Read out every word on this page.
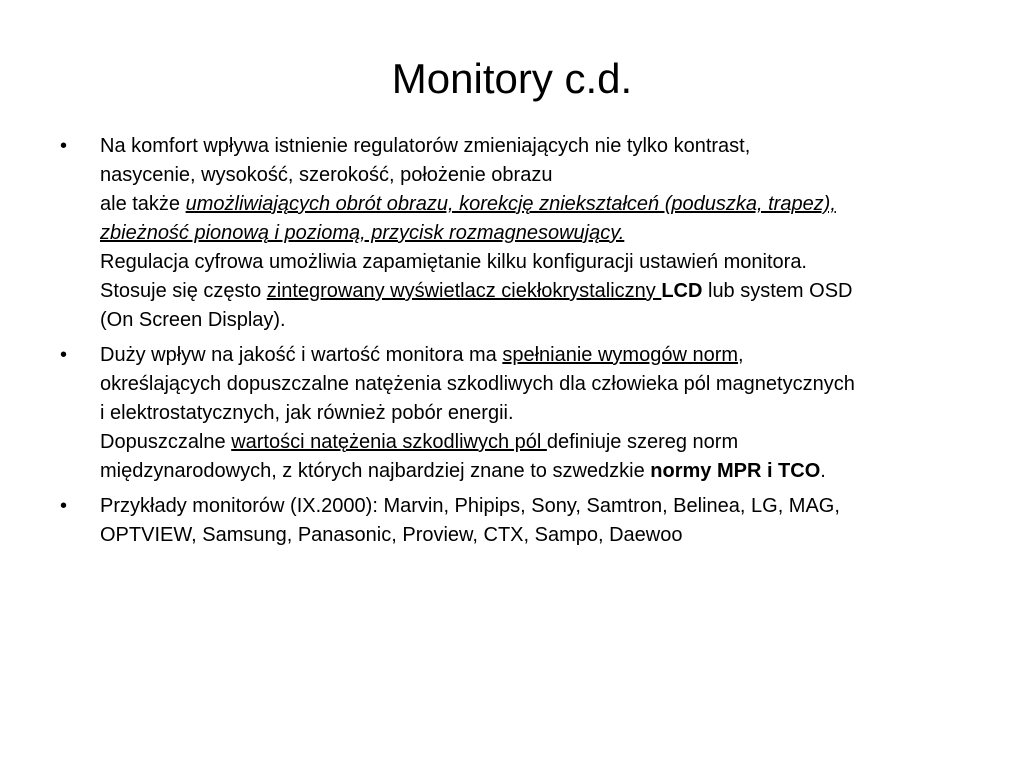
Monitory c.d.
•	Na komfort wpływa istnienie regulatorów zmieniających nie tylko kontrast,
nasycenie, wysokość, szerokość, położenie obrazu
ale także umożliwiających obrót obrazu, korekcję zniekształceń (poduszka, trapez),
zbieżność pionową i poziomą, przycisk rozmagnesowujący.
Regulacja cyfrowa umożliwia zapamiętanie kilku konfiguracji ustawień monitora.
Stosuje się często zintegrowany wyświetlacz ciekłokrystaliczny LCD lub system OSD
(On Screen Display).
•	Duży wpływ na jakość i wartość monitora ma spełnianie wymogów norm,
określających dopuszczalne natężenia szkodliwych dla człowieka pól magnetycznych
i elektrostatycznych, jak również pobór energii.
Dopuszczalne wartości natężenia szkodliwych pól definiuje szereg norm
międzynarodowych, z których najbardziej znane to szwedzkie normy MPR i TCO.
•	Przykłady monitorów (IX.2000): Marvin, Phipips, Sony, Samtron, Belinea, LG, MAG,
OPTVIEW, Samsung, Panasonic, Proview, CTX, Sampo, Daewoo
